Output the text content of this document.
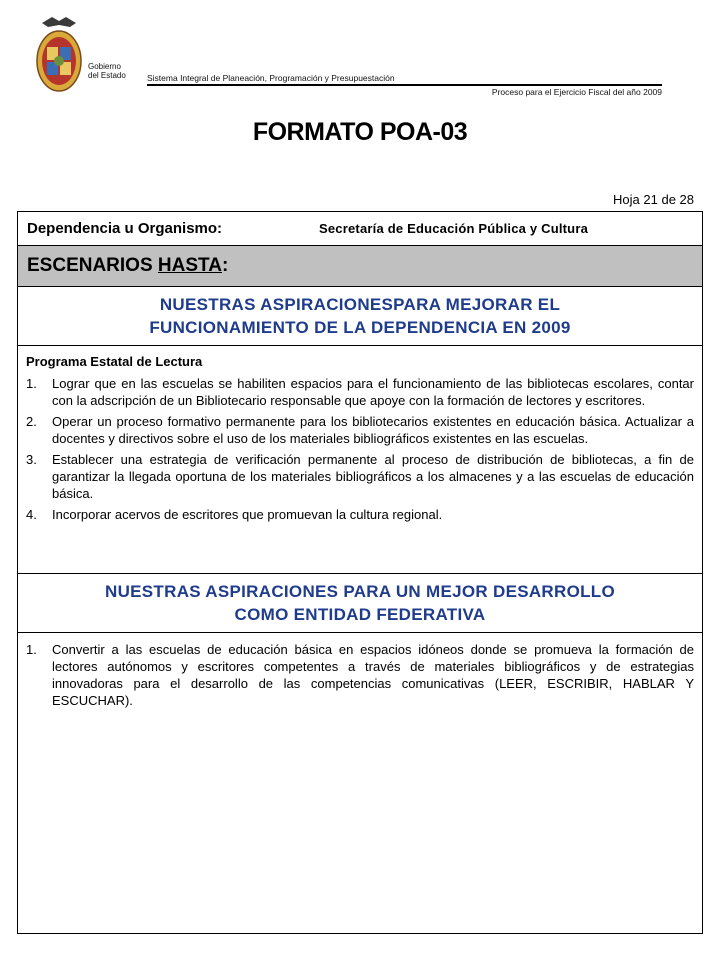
Gobierno
del Estado Sistema Integral de Planeación, Programación y Presupuestación
Proceso para el Ejercicio Fiscal del año 2009
FORMATO POA-03
Hoja 21 de 28
Dependencia u Organismo:	Secretaría de Educación Pública y Cultura
ESCENARIOS HASTA:
NUESTRAS ASPIRACIONESPARA MEJORAR EL
FUNCIONAMIENTO DE LA DEPENDENCIA EN 2009
Programa Estatal de Lectura
1.	Lograr que en las escuelas se habiliten espacios para el funcionamiento de las bibliotecas escolares, contar con la adscripción de un Bibliotecario responsable que apoye con la formación de lectores y escritores.
2.	Operar un proceso formativo permanente para los bibliotecarios existentes en educación básica. Actualizar a docentes y directivos sobre el uso de los materiales bibliográficos existentes en las escuelas.
3.	Establecer una estrategia de verificación permanente al proceso de distribución de bibliotecas, a fin de garantizar la llegada oportuna de los materiales bibliográficos a los almacenes y a las escuelas de educación básica.
4.	Incorporar acervos de escritores que promuevan la cultura regional.
NUESTRAS ASPIRACIONES PARA UN MEJOR DESARROLLO
COMO ENTIDAD FEDERATIVA
1.	Convertir a las escuelas de educación básica en espacios idóneos donde se promueva la formación de lectores autónomos y escritores competentes a través de materiales bibliográficos y de estrategias innovadoras para el desarrollo de las competencias comunicativas (LEER, ESCRIBIR, HABLAR Y ESCUCHAR).
